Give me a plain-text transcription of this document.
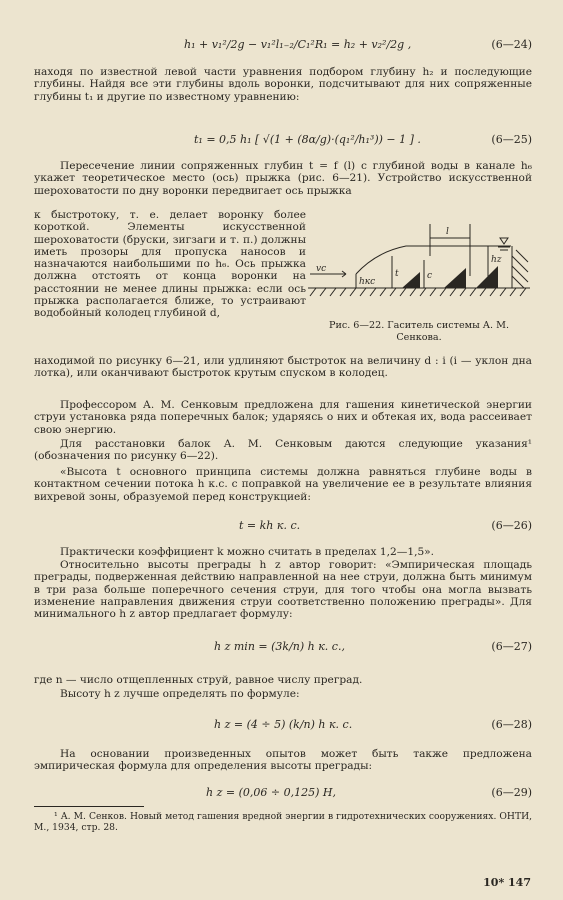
h₁ + v₁²/2g − v₁²l₁₋₂/C₁²R₁ = h₂ + v₂²/2g ,	(6—24)

находя по известной левой части уравнения подбором глубину h₂ и последующие глубины. Найдя все эти глубины вдоль воронки, подсчитывают для них сопряженные глубины t₁ и другие по известному уравнению:

t₁ = 0,5 h₁ [ √(1 + (8α/g)·(q₁²/h₁³)) − 1 ] .	(6—25)

Пересечение линии сопряженных глубин t = f (l) с глубиной воды в канале h₆ укажет теоретическое место (ось) прыжка (рис. 6—21). Устройство искусственной шероховатости по дну воронки передвигает ось прыжка

к быстротоку, т. е. делает воронку более короткой. Элементы искусственной шероховатости (бруски, зигзаги и т. п.) должны иметь прозоры для пропуска наносов и назначаются наибольшими по h₆. Ось прыжка должна отстоять от конца воронки на расстоянии не менее длины прыжка: если ось прыжка располагается ближе, то устраивают водобойный колодец глубиной d,

находимой по рисунку 6—21, или удлиняют быстроток на величину d : i (i — уклон дна лотка), или оканчивают быстроток крутым спуском в колодец.

l
vс
hкс
t	c
hz
Рис. 6—22. Гаситель системы А. М. Сенкова.

Профессором А. М. Сенковым предложена для гашения кинетической энергии струи установка ряда поперечных балок; ударяясь о них и обтекая их, вода рассеивает свою энергию.

Для расстановки балок А. М. Сенковым даются следующие указания¹ (обозначения по рисунку 6—22).

«Высота t основного принципа системы должна равняться глубине воды в контактном сечении потока h к.с. с поправкой на увеличение ее в результате влияния вихревой зоны, образуемой перед конструкцией:

t = kh к. с.	(6—26)

Практически коэффициент k можно считать в пределах 1,2—1,5».

Относительно высоты преграды h z автор говорит: «Эмпирическая площадь преграды, подверженная действию направленной на нее струи, должна быть минимум в три раза больше поперечного сечения струи, для того чтобы она могла вызвать изменение направления движения струи соответственно положению преграды». Для минимального h z автор предлагает формулу:

h z min = (3k/n) h к. с.,	(6—27)

где n — число отщепленных струй, равное числу преград.

Высоту h z лучше определять по формуле:

h z = (4 ÷ 5) (k/n) h к. с.	(6—28)

На основании произведенных опытов может быть также предложена эмпирическая формула для определения высоты преграды:

h z = (0,06 ÷ 0,125) H,	(6—29)
¹ А. М. Сенков. Новый метод гашения вредной энергии в гидротехнических сооружениях. ОНТИ, М., 1934, стр. 28.
10* 147
